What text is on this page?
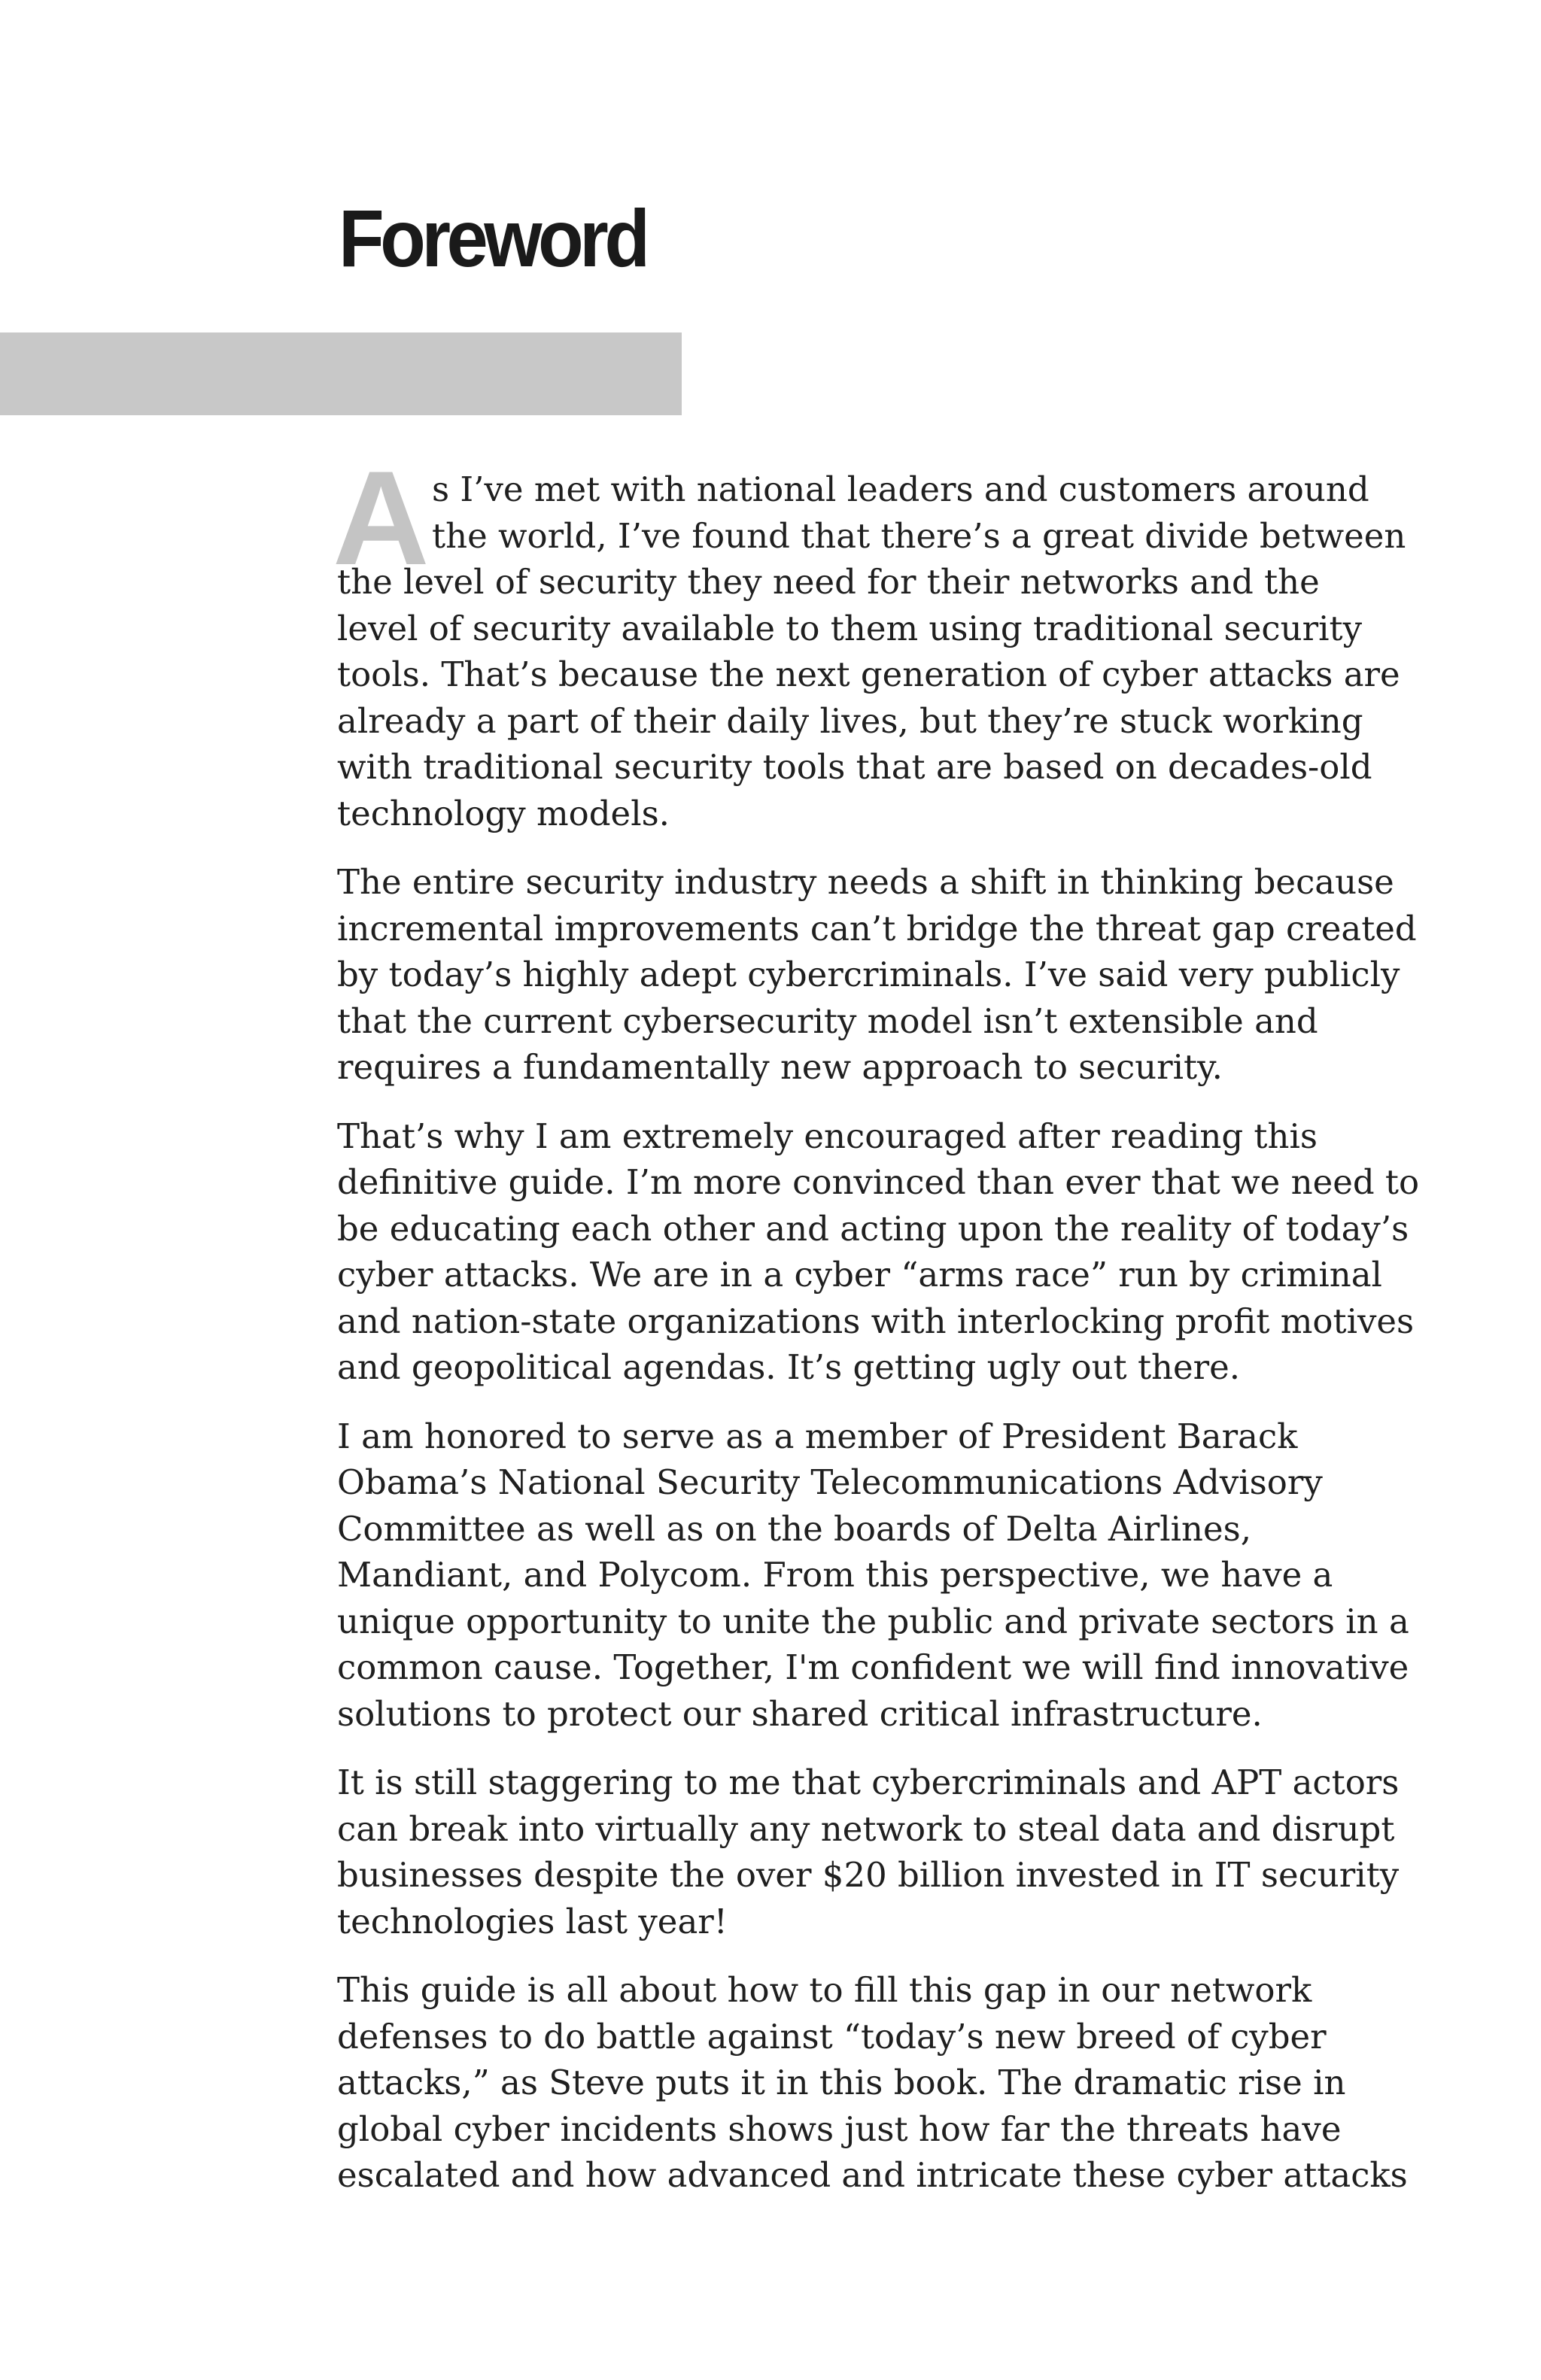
Foreword

A s I’ve met with national leaders and customers around
the world, I’ve found that there’s a great divide between
the level of security they need for their networks and the
level of security available to them using traditional security
tools. That’s because the next generation of cyber attacks are
already a part of their daily lives, but they’re stuck working
with traditional security tools that are based on decades-old
technology models.

The entire security industry needs a shift in thinking because
incremental improvements can’t bridge the threat gap created
by today’s highly adept cybercriminals. I’ve said very publicly
that the current cybersecurity model isn’t extensible and
requires a fundamentally new approach to security.

That’s why I am extremely encouraged after reading this
definitive guide. I’m more convinced than ever that we need to
be educating each other and acting upon the reality of today’s
cyber attacks. We are in a cyber “arms race” run by criminal
and nation-state organizations with interlocking profit motives
and geopolitical agendas. It’s getting ugly out there.

I am honored to serve as a member of President Barack
Obama’s National Security Telecommunications Advisory
Committee as well as on the boards of Delta Airlines,
Mandiant, and Polycom. From this perspective, we have a
unique opportunity to unite the public and private sectors in a
common cause. Together, I'm confident we will find innovative
solutions to protect our shared critical infrastructure.

It is still staggering to me that cybercriminals and APT actors
can break into virtually any network to steal data and disrupt
businesses despite the over $20 billion invested in IT security
technologies last year!

This guide is all about how to fill this gap in our network
defenses to do battle against “today’s new breed of cyber
attacks,” as Steve puts it in this book. The dramatic rise in
global cyber incidents shows just how far the threats have
escalated and how advanced and intricate these cyber attacks
